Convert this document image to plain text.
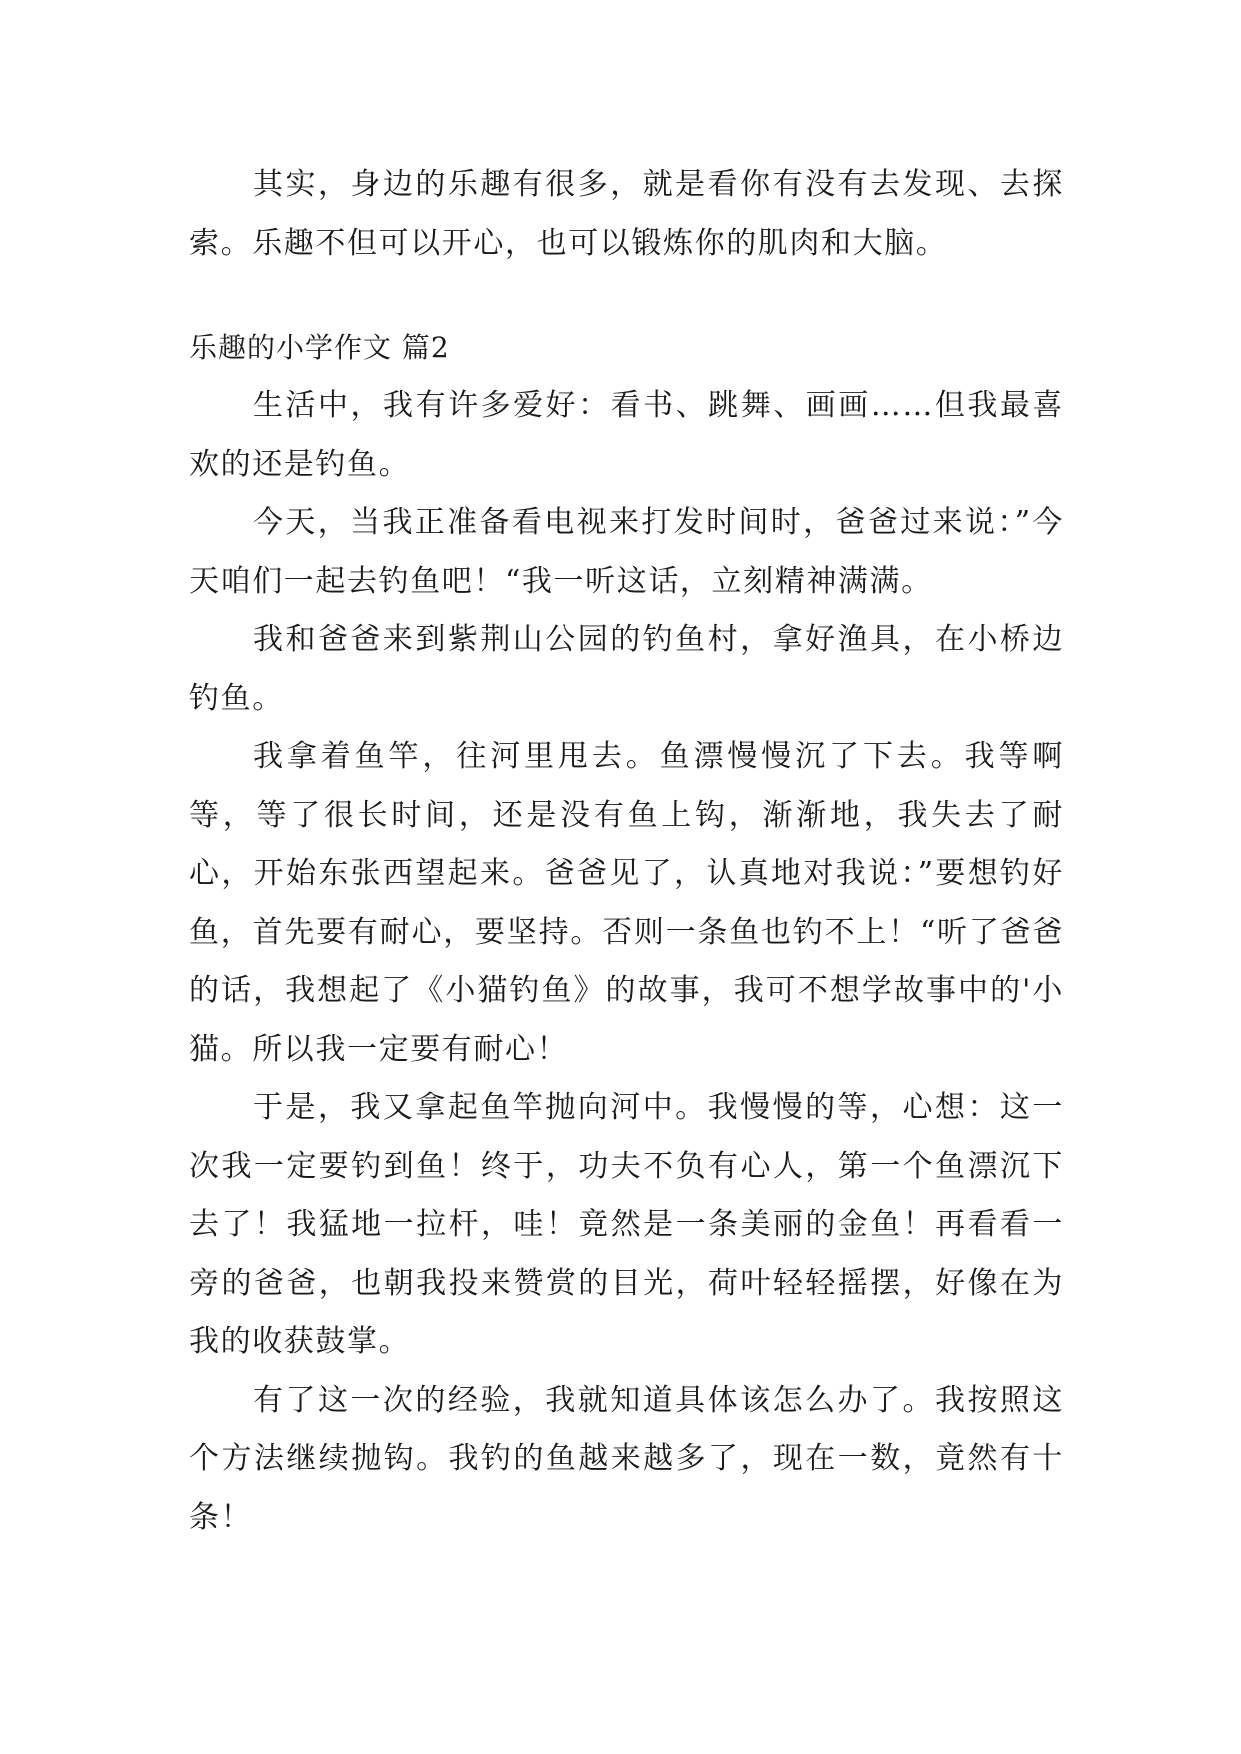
其实，身边的乐趣有很多，就是看你有没有去发现、去探索。乐趣不但可以开心，也可以锻炼你的肌肉和大脑。

乐趣的小学作文 篇2

生活中，我有许多爱好：看书、跳舞、画画……但我最喜欢的还是钓鱼。

今天，当我正准备看电视来打发时间时，爸爸过来说：”今天咱们一起去钓鱼吧！“我一听这话，立刻精神满满。

我和爸爸来到紫荆山公园的钓鱼村，拿好渔具，在小桥边钓鱼。

我拿着鱼竿，往河里甩去。鱼漂慢慢沉了下去。我等啊等，等了很长时间，还是没有鱼上钩，渐渐地，我失去了耐心，开始东张西望起来。爸爸见了，认真地对我说：”要想钓好鱼，首先要有耐心，要坚持。否则一条鱼也钓不上！“听了爸爸的话，我想起了《小猫钓鱼》的故事，我可不想学故事中的'小猫。所以我一定要有耐心！

于是，我又拿起鱼竿抛向河中。我慢慢的等，心想：这一次我一定要钓到鱼！终于，功夫不负有心人，第一个鱼漂沉下去了！我猛地一拉杆，哇！竟然是一条美丽的金鱼！再看看一旁的爸爸，也朝我投来赞赏的目光，荷叶轻轻摇摆，好像在为我的收获鼓掌。

有了这一次的经验，我就知道具体该怎么办了。我按照这个方法继续抛钩。我钓的鱼越来越多了，现在一数，竟然有十条！
